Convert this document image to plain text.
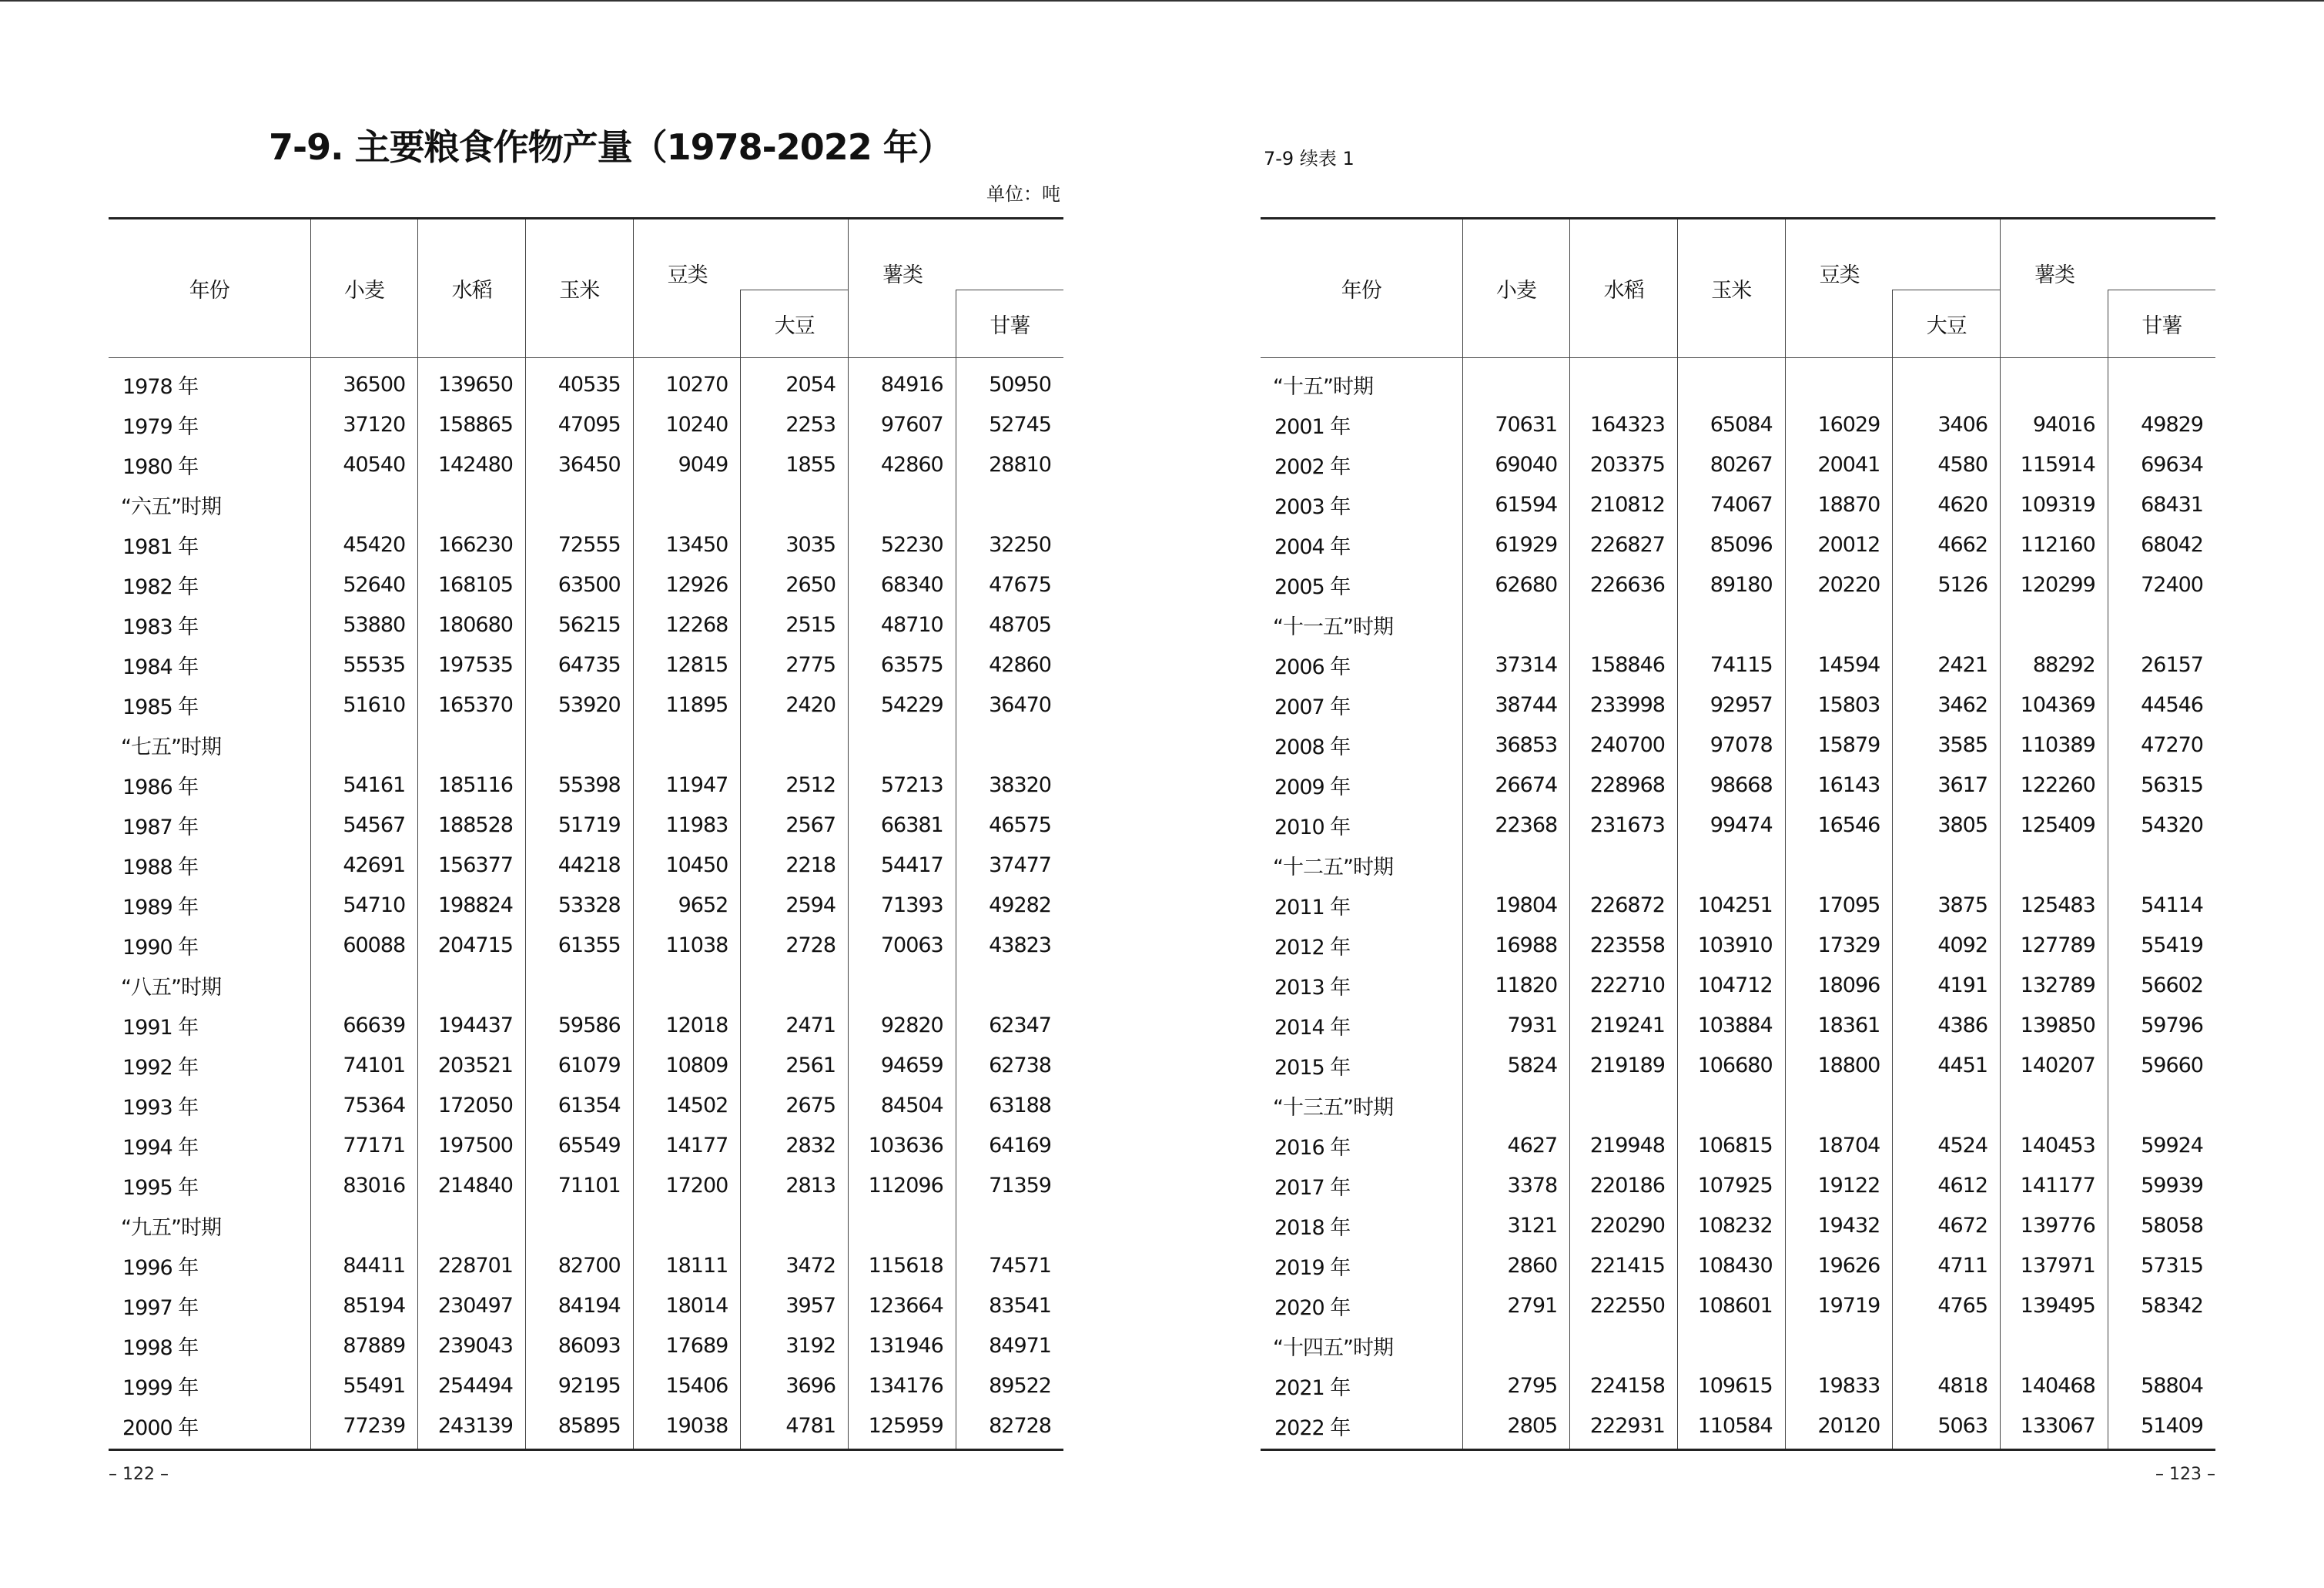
7-9. 主要粮食作物产量（1978-2022 年）
单位：吨
年份	小麦	水稻	玉米	豆类		薯类	
					大豆		甘薯
1978 年	36500	139650	40535	10270	2054	84916	50950
1979 年	37120	158865	47095	10240	2253	97607	52745
1980 年	40540	142480	36450	9049	1855	42860	28810
“六五”时期							
1981 年	45420	166230	72555	13450	3035	52230	32250
1982 年	52640	168105	63500	12926	2650	68340	47675
1983 年	53880	180680	56215	12268	2515	48710	48705
1984 年	55535	197535	64735	12815	2775	63575	42860
1985 年	51610	165370	53920	11895	2420	54229	36470
“七五”时期							
1986 年	54161	185116	55398	11947	2512	57213	38320
1987 年	54567	188528	51719	11983	2567	66381	46575
1988 年	42691	156377	44218	10450	2218	54417	37477
1989 年	54710	198824	53328	9652	2594	71393	49282
1990 年	60088	204715	61355	11038	2728	70063	43823
“八五”时期							
1991 年	66639	194437	59586	12018	2471	92820	62347
1992 年	74101	203521	61079	10809	2561	94659	62738
1993 年	75364	172050	61354	14502	2675	84504	63188
1994 年	77171	197500	65549	14177	2832	103636	64169
1995 年	83016	214840	71101	17200	2813	112096	71359
“九五”时期							
1996 年	84411	228701	82700	18111	3472	115618	74571
1997 年	85194	230497	84194	18014	3957	123664	83541
1998 年	87889	239043	86093	17689	3192	131946	84971
1999 年	55491	254494	92195	15406	3696	134176	89522
2000 年	77239	243139	85895	19038	4781	125959	82728
– 122 –
7-9 续表 1
年份	小麦	水稻	玉米	豆类		薯类	
					大豆		甘薯
“十五”时期							
2001 年	70631	164323	65084	16029	3406	94016	49829
2002 年	69040	203375	80267	20041	4580	115914	69634
2003 年	61594	210812	74067	18870	4620	109319	68431
2004 年	61929	226827	85096	20012	4662	112160	68042
2005 年	62680	226636	89180	20220	5126	120299	72400
“十一五”时期							
2006 年	37314	158846	74115	14594	2421	88292	26157
2007 年	38744	233998	92957	15803	3462	104369	44546
2008 年	36853	240700	97078	15879	3585	110389	47270
2009 年	26674	228968	98668	16143	3617	122260	56315
2010 年	22368	231673	99474	16546	3805	125409	54320
“十二五”时期							
2011 年	19804	226872	104251	17095	3875	125483	54114
2012 年	16988	223558	103910	17329	4092	127789	55419
2013 年	11820	222710	104712	18096	4191	132789	56602
2014 年	7931	219241	103884	18361	4386	139850	59796
2015 年	5824	219189	106680	18800	4451	140207	59660
“十三五”时期							
2016 年	4627	219948	106815	18704	4524	140453	59924
2017 年	3378	220186	107925	19122	4612	141177	59939
2018 年	3121	220290	108232	19432	4672	139776	58058
2019 年	2860	221415	108430	19626	4711	137971	57315
2020 年	2791	222550	108601	19719	4765	139495	58342
“十四五”时期							
2021 年	2795	224158	109615	19833	4818	140468	58804
2022 年	2805	222931	110584	20120	5063	133067	51409
– 123 –
